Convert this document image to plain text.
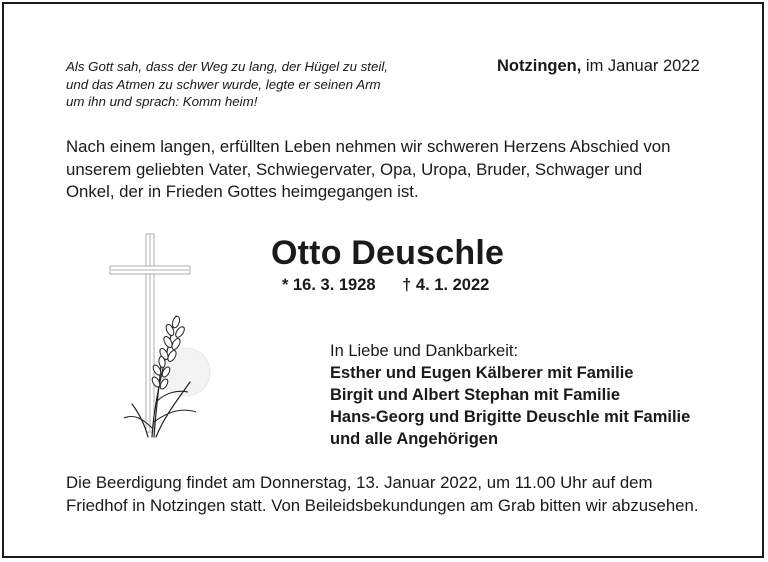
Als Gott sah, dass der Weg zu lang, der Hügel zu steil,
und das Atmen zu schwer wurde, legte er seinen Arm
um ihn und sprach: Komm heim!
Notzingen, im Januar 2022
Nach einem langen, erfüllten Leben nehmen wir schweren Herzens Abschied von
unserem geliebten Vater, Schwiegervater, Opa, Uropa, Bruder, Schwager und
Onkel, der in Frieden Gottes heimgegangen ist.
Otto Deuschle
* 16. 3. 1928 † 4. 1. 2022
In Liebe und Dankbarkeit:
Esther und Eugen Kälberer mit Familie
Birgit und Albert Stephan mit Familie
Hans-Georg und Brigitte Deuschle mit Familie
und alle Angehörigen
Die Beerdigung findet am Donnerstag, 13. Januar 2022, um 11.00 Uhr auf dem
Friedhof in Notzingen statt. Von Beileidsbekundungen am Grab bitten wir abzusehen.
